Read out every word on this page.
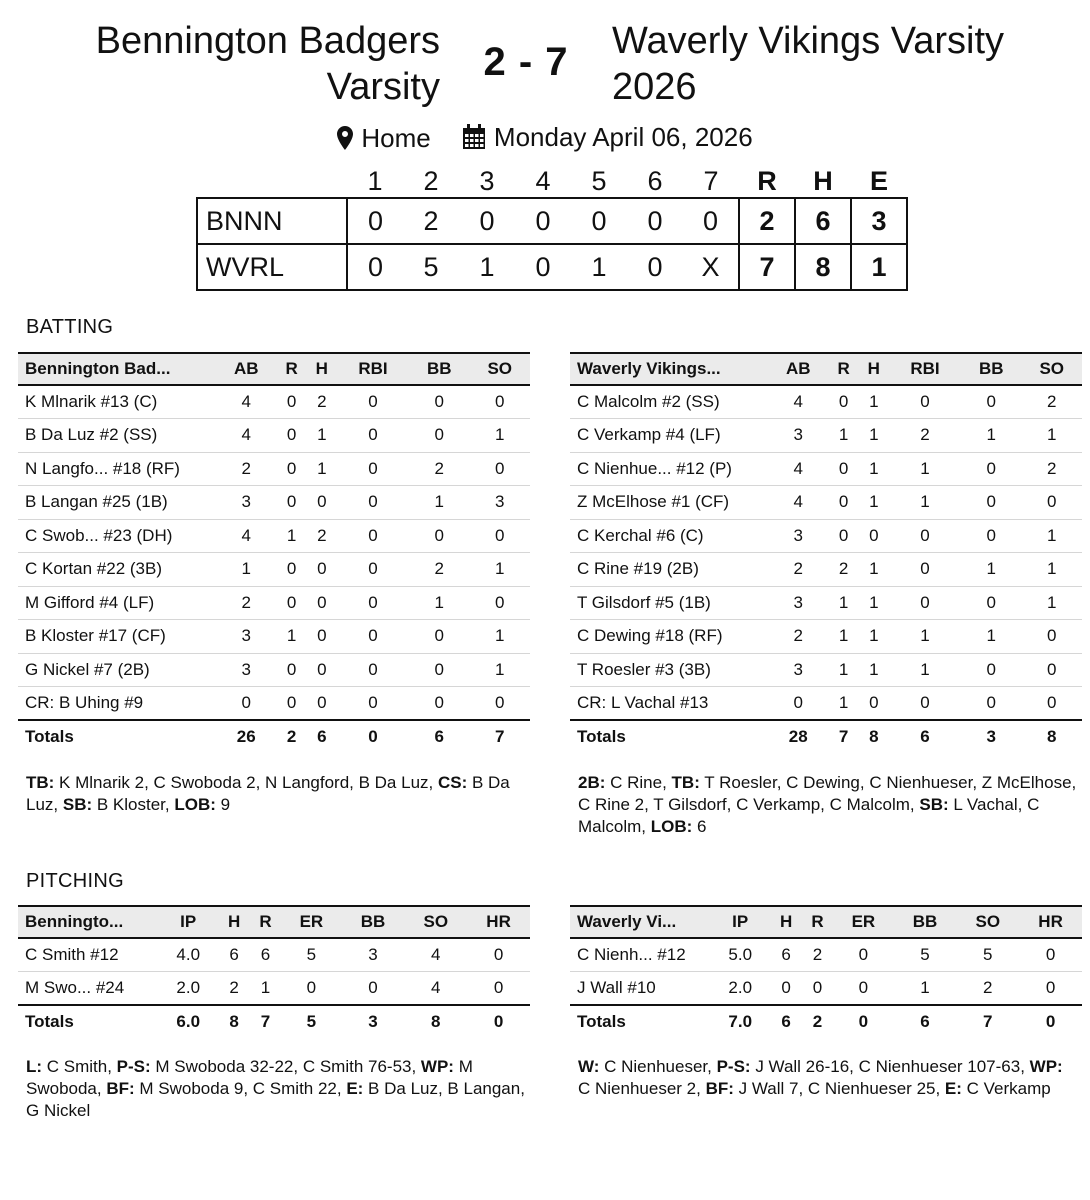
Bennington Badgers Varsity
2 - 7	Waverly Vikings Varsity 2026
Home
Monday April 06, 2026
	1	2	3	4	5	6	7	R	H	E
BNNN	0	2	0	0	0	0	0	2	6	3
WVRL	0	5	1	0	1	0	X	7	8	1
BATTING
Bennington Bad...	AB	R	H	RBI	BB	SO
K Mlnarik #13 (C)	4	0	2	0	0	0
B Da Luz #2 (SS)	4	0	1	0	0	1
N Langfo... #18 (RF)	2	0	1	0	2	0
B Langan #25 (1B)	3	0	0	0	1	3
C Swob... #23 (DH)	4	1	2	0	0	0
C Kortan #22 (3B)	1	0	0	0	2	1
M Gifford #4 (LF)	2	0	0	0	1	0
B Kloster #17 (CF)	3	1	0	0	0	1
G Nickel #7 (2B)	3	0	0	0	0	1
CR: B Uhing #9	0	0	0	0	0	0
Totals	26	2	6	0	6	7
Waverly Vikings...	AB	R	H	RBI	BB	SO
C Malcolm #2 (SS)	4	0	1	0	0	2
C Verkamp #4 (LF)	3	1	1	2	1	1
C Nienhue... #12 (P)	4	0	1	1	0	2
Z McElhose #1 (CF)	4	0	1	1	0	0
C Kerchal #6 (C)	3	0	0	0	0	1
C Rine #19 (2B)	2	2	1	0	1	1
T Gilsdorf #5 (1B)	3	1	1	0	0	1
C Dewing #18 (RF)	2	1	1	1	1	0
T Roesler #3 (3B)	3	1	1	1	0	0
CR: L Vachal #13	0	1	0	0	0	0
Totals	28	7	8	6	3	8
TB: K Mlnarik 2, C Swoboda 2, N Langford, B Da Luz, CS: B Da Luz, SB: B Kloster, LOB: 9
2B: C Rine, TB: T Roesler, C Dewing, C Nienhueser, Z McElhose, C Rine 2, T Gilsdorf, C Verkamp, C Malcolm, SB: L Vachal, C Malcolm, LOB: 6
PITCHING
Benningto...	IP	H	R	ER	BB	SO	HR
C Smith #12	4.0	6	6	5	3	4	0
M Swo... #24	2.0	2	1	0	0	4	0
Totals	6.0	8	7	5	3	8	0
Waverly Vi...	IP	H	R	ER	BB	SO	HR
C Nienh... #12	5.0	6	2	0	5	5	0
J Wall #10	2.0	0	0	0	1	2	0
Totals	7.0	6	2	0	6	7	0
L: C Smith, P-S: M Swoboda 32-22, C Smith 76-53, WP: M Swoboda, BF: M Swoboda 9, C Smith 22, E: B Da Luz, B Langan, G Nickel
W: C Nienhueser, P-S: J Wall 26-16, C Nienhueser 107-63, WP: C Nienhueser 2, BF: J Wall 7, C Nienhueser 25, E: C Verkamp
